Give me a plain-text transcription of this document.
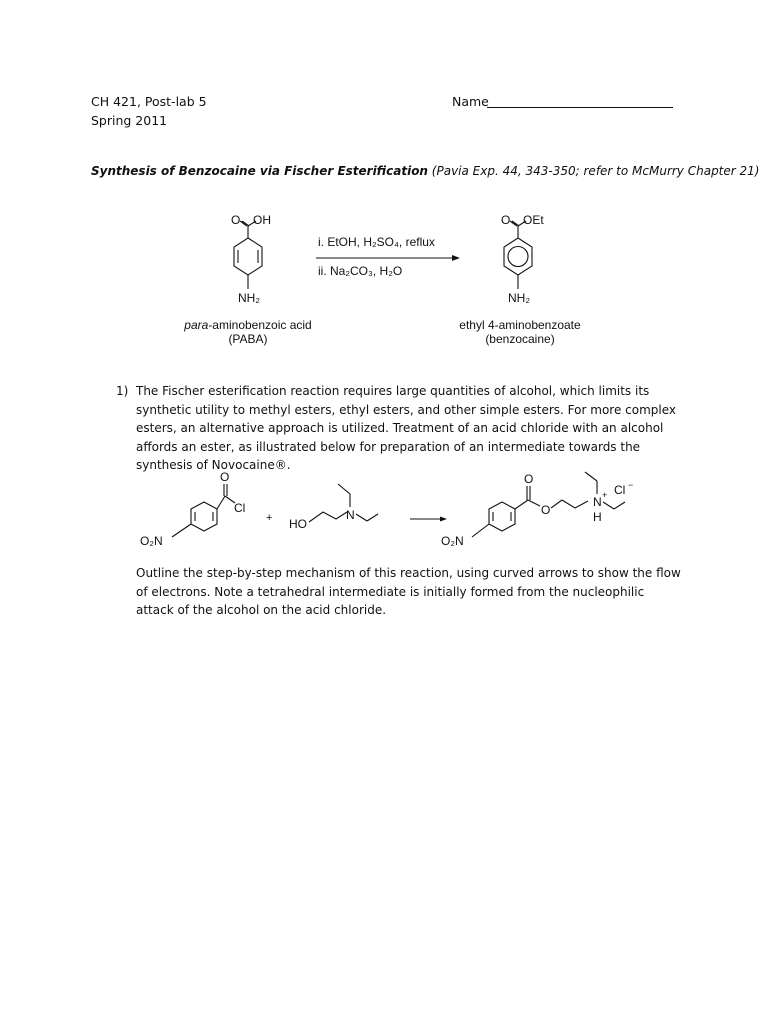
CH 421, Post-lab 5
Spring 2011
Name
Synthesis of Benzocaine via Fischer Esterification (Pavia Exp. 44, 343-350; refer to McMurry Chapter 21)
O OH
NH₂
i. EtOH, H₂SO₄, reflux
ii. Na₂CO₃, H₂O
O OEt
NH₂
para-aminobenzoic acid
(PABA)
ethyl 4-aminobenzoate
(benzocaine)
1) The Fischer esterification reaction requires large quantities of alcohol, which limits its synthetic utility to methyl esters, ethyl esters, and other simple esters. For more complex esters, an alternative approach is utilized. Treatment of an acid chloride with an alcohol affords an ester, as illustrated below for preparation of an intermediate towards the synthesis of Novocaine®.
O
Cl
O₂N
+ HO
N
O
O
N +
H
Cl −
O₂N
Outline the step-by-step mechanism of this reaction, using curved arrows to show the flow of electrons. Note a tetrahedral intermediate is initially formed from the nucleophilic attack of the alcohol on the acid chloride.
